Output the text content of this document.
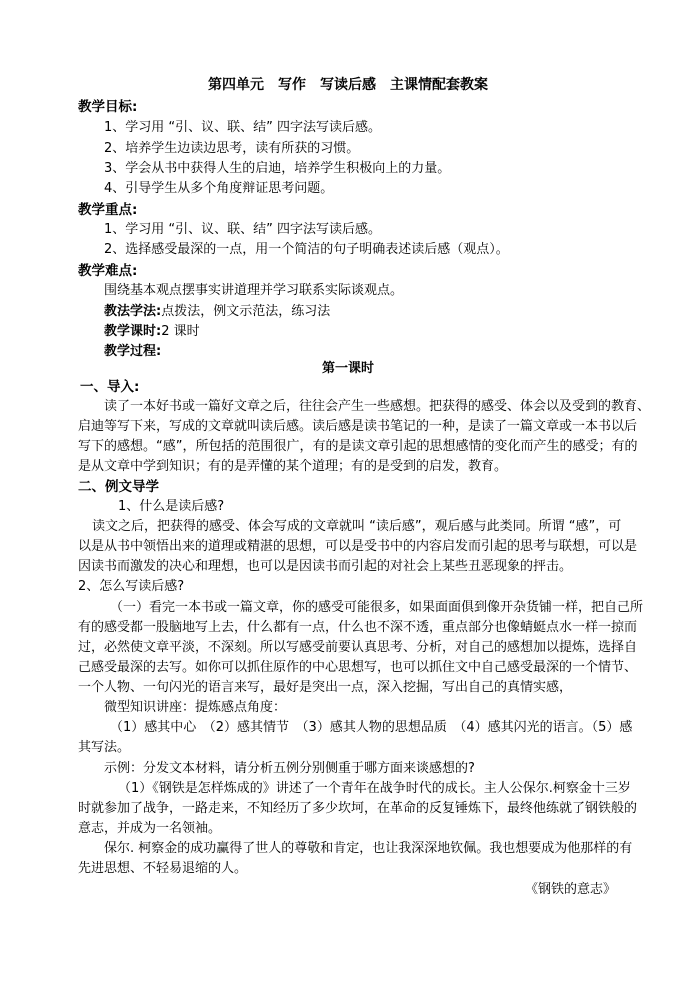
第四单元　写作　写读后感　主课情配套教案
教学目标:
1、学习用 “引、议、联、结” 四字法写读后感。
2、培养学生边读边思考，读有所获的习惯。
3、学会从书中获得人生的启迪，培养学生积极向上的力量。
4、引导学生从多个角度辩证思考问题。
教学重点:
1、学习用 “引、议、联、结” 四字法写读后感。
2、选择感受最深的一点，用一个简洁的句子明确表述读后感（观点）。
教学难点:
围绕基本观点摆事实讲道理并学习联系实际谈观点。
教法学法:点拨法，例文示范法，练习法
教学课时:2 课时
教学过程:
第一课时
一、导入:
读了一本好书或一篇好文章之后，往往会产生一些感想。把获得的感受、体会以及受到的教育、
启迪等写下来，写成的文章就叫读后感。读后感是读书笔记的一种，是读了一篇文章或一本书以后
写下的感想。“感”，所包括的范围很广，有的是读文章引起的思想感情的变化而产生的感受；有的
是从文章中学到知识；有的是弄懂的某个道理；有的是受到的启发，教育。
二、例文导学
1、什么是读后感?
读文之后，把获得的感受、体会写成的文章就叫 “读后感”，观后感与此类同。所谓 “感”，可
以是从书中领悟出来的道理或精湛的思想，可以是受书中的内容启发而引起的思考与联想，可以是
因读书而激发的决心和理想，也可以是因读书而引起的对社会上某些丑恶现象的抨击。
2、怎么写读后感?
（一）看完一本书或一篇文章，你的感受可能很多，如果面面俱到像开杂货铺一样，把自己所
有的感受都一股脑地写上去，什么都有一点，什么也不深不透，重点部分也像蜻蜓点水一样一掠而
过，必然使文章平淡，不深刻。所以写感受前要认真思考、分析，对自己的感想加以提炼，选择自
己感受最深的去写。如你可以抓住原作的中心思想写，也可以抓住文中自己感受最深的一个情节、
一个人物、一句闪光的语言来写，最好是突出一点，深入挖掘，写出自己的真情实感，
微型知识讲座：提炼感点角度：
（1）感其中心　（2）感其情节　（3）感其人物的思想品质　（4）感其闪光的语言。（5）感
其写法。
示例：分发文本材料，请分析五例分别侧重于哪方面来谈感想的?
（1）《钢铁是怎样炼成的》讲述了一个青年在战争时代的成长。主人公保尔.柯察金十三岁
时就参加了战争，一路走来，不知经历了多少坎坷，在革命的反复锤炼下，最终他练就了钢铁般的
意志，并成为一名领袖。
保尔. 柯察金的成功赢得了世人的尊敬和肯定，也让我深深地钦佩。我也想要成为他那样的有
先进思想、不轻易退缩的人。
《钢铁的意志》
